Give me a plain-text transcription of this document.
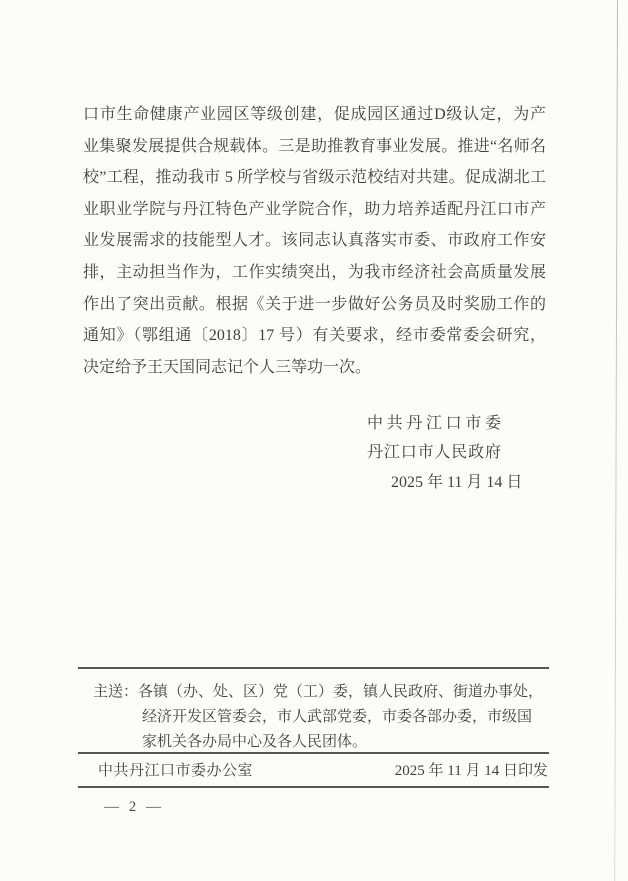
口市生命健康产业园区等级创建，促成园区通过D级认定，为产
业集聚发展提供合规载体。三是助推教育事业发展。推进“名师名
校”工程，推动我市 5 所学校与省级示范校结对共建。促成湖北工
业职业学院与丹江特色产业学院合作，助力培养适配丹江口市产
业发展需求的技能型人才。该同志认真落实市委、市政府工作安
排，主动担当作为，工作实绩突出，为我市经济社会高质量发展
作出了突出贡献。根据《关于进一步做好公务员及时奖励工作的
通知》（鄂组通〔2018〕17 号）有关要求，经市委常委会研究，
决定给予王天国同志记个人三等功一次。
中共丹江口市委
丹江口市人民政府
2025 年 11 月 14 日
主送：各镇（办、处、区）党（工）委，镇人民政府、街道办事处，
经济开发区管委会，市人武部党委，市委各部办委，市级国
家机关各办局中心及各人民团体。
中共丹江口市委办公室	2025 年 11 月 14 日印发
— 2 —
